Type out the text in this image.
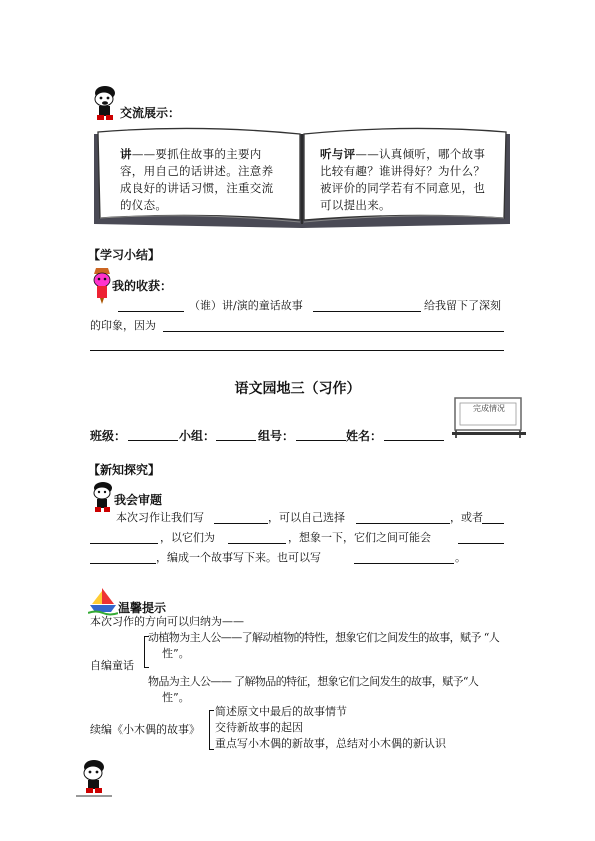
交流展示：
讲——要抓住故事的主要内容，用自己的话讲述。注意养成良好的讲话习惯，注重交流的仪态。
听与评——认真倾听，哪个故事比较有趣？谁讲得好？为什么？被评价的同学若有不同意见，也可以提出来。
【学习小结】
我的收获：
（谁）讲/演的童话故事	给我留下了深刻
的印象，因为
语文园地三（习作）
完成情况
班级：	小组：	组号：	姓名：
【新知探究】
我会审题
本次习作让我们写	，可以自己选择	，或者
，以它们为	，想象一下，它们之间可能会
，编成一个故事写下来。也可以写	。
温馨提示
本次习作的方向可以归纳为——
动植物为主人公——了解动植物的特性，想象它们之间发生的故事，赋予 “人
性”。
自编童话
物品为主人公—— 了解物品的特征，想象它们之间发生的故事，赋予“人
性”。
续编《小木偶的故事》
简述原文中最后的故事情节
交待新故事的起因
重点写小木偶的新故事，总结对小木偶的新认识
